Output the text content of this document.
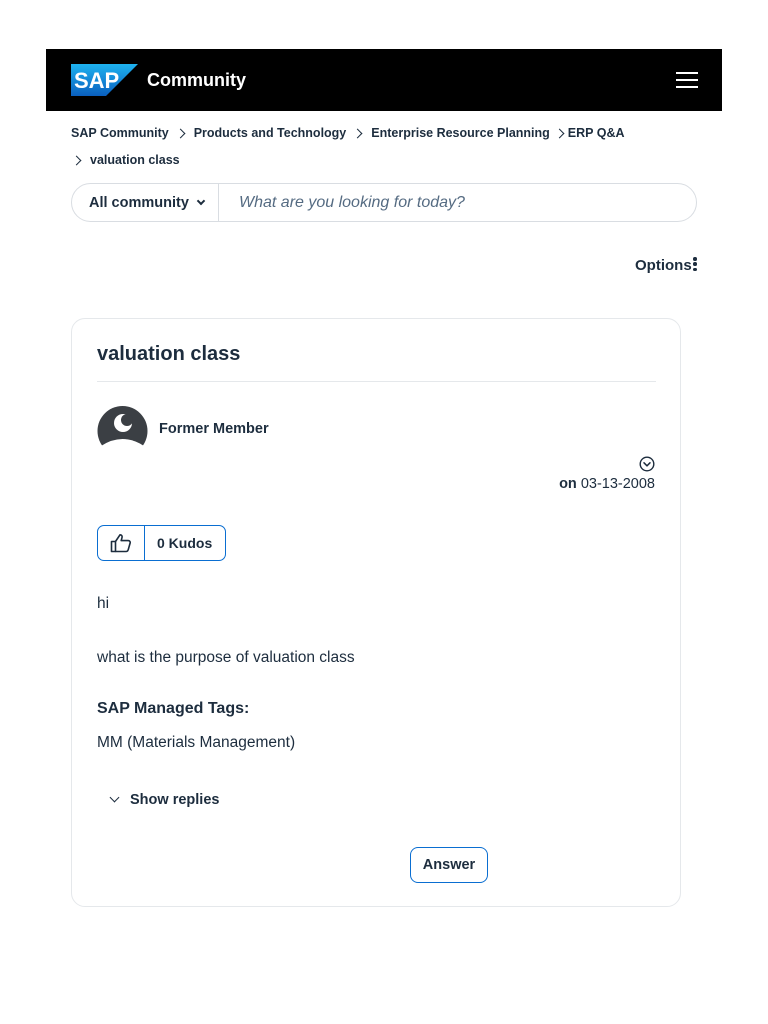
SAP Community
SAP Community Products and Technology Enterprise Resource Planning ERP Q&A
valuation class
All community
What are you looking for today?
Options
valuation class
Former Member
on 03-13-2008
0 Kudos

hi

what is the purpose of valuation class

SAP Managed Tags:

MM (Materials Management)
Show replies
Answer
